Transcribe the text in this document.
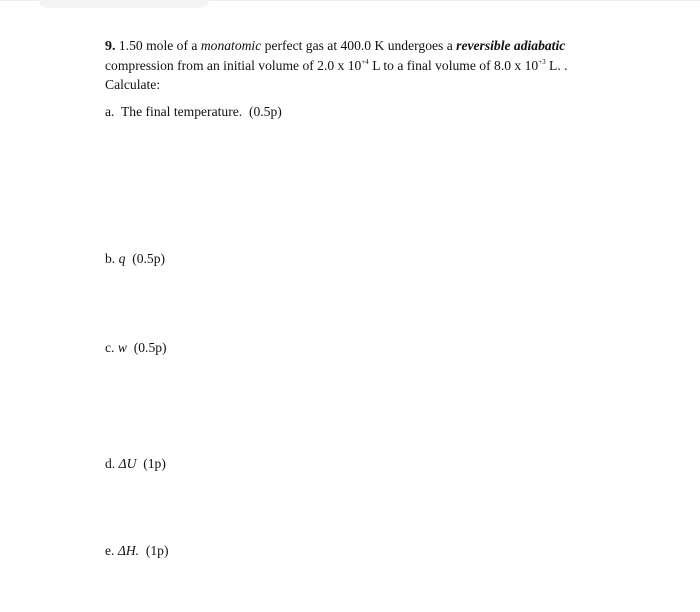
9. 1.50 mole of a monatomic perfect gas at 400.0 K undergoes a reversible adiabatic compression from an initial volume of 2.0 x $10^{+4}$ L to a final volume of 8.0 x $10^{+3}$ L. .
Calculate:
a. The final temperature. (0.5p)
b. q (0.5p)
c. w (0.5p)
d. ΔU (1p)
e. ΔH. (1p)
